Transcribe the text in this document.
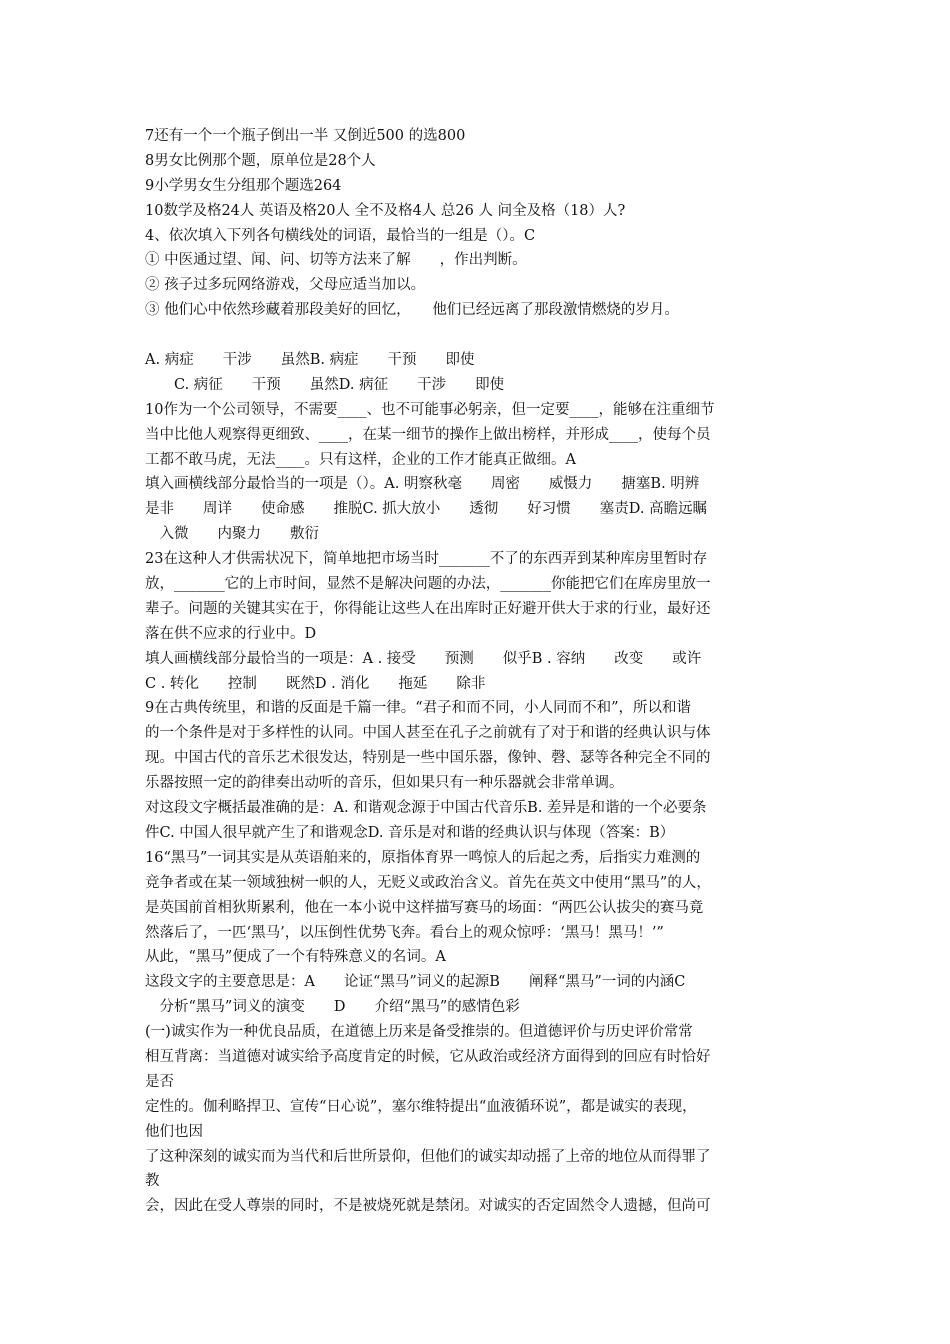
7还有一个一个瓶子倒出一半 又倒近500 的选800
8男女比例那个题，原单位是28个人
9小学男女生分组那个题选264
10数学及格24人 英语及格20人 全不及格4人 总26 人 问全及格（18）人?
4、依次填入下列各句横线处的词语，最恰当的一组是（）。C
① 中医通过望、闻、问、切等方法来了解　　，作出判断。
② 孩子过多玩网络游戏，父母应适当加以。
③ 他们心中依然珍藏着那段美好的回忆，　　他们已经远离了那段激情燃烧的岁月。
A. 病症　　干涉　　虽然B. 病症　　干预　　即使
　　C. 病征　　干预　　虽然D. 病征　　干涉　　即使
10作为一个公司领导，不需要____、也不可能事必躬亲，但一定要____，能够在注重细节
当中比他人观察得更细致、____，在某一细节的操作上做出榜样，并形成____，使每个员
工都不敢马虎，无法____。只有这样，企业的工作才能真正做细。A
填入画横线部分最恰当的一项是（）。A. 明察秋毫　　周密　　威慑力　　搪塞B. 明辨
是非　　周详　　使命感　　推脱C. 抓大放小　　透彻　　好习惯　　塞责D. 高瞻远瞩
　入微　　内聚力　　敷衍
23在这种人才供需状况下，简单地把市场当时_______不了的东西弄到某种库房里暂时存
放，_______它的上市时间，显然不是解决问题的办法，_______你能把它们在库房里放一
辈子。问题的关键其实在于，你得能让这些人在出库时正好避开供大于求的行业，最好还
落在供不应求的行业中。D
填人画横线部分最恰当的一项是：A . 接受　　预测　　似乎B . 容纳　　改变　　或许
C . 转化　　控制　　既然D . 消化　　拖延　　除非
9在古典传统里，和谐的反面是千篇一律。“君子和而不同，小人同而不和”，所以和谐
的一个条件是对于多样性的认同。中国人甚至在孔子之前就有了对于和谐的经典认识与体
现。中国古代的音乐艺术很发达，特别是一些中国乐器，像钟、磬、瑟等各种完全不同的
乐器按照一定的韵律奏出动听的音乐，但如果只有一种乐器就会非常单调。
对这段文字概括最准确的是：A. 和谐观念源于中国古代音乐B. 差异是和谐的一个必要条
件C. 中国人很早就产生了和谐观念D. 音乐是对和谐的经典认识与体现（答案：B）
16“黑马”一词其实是从英语舶来的，原指体育界一鸣惊人的后起之秀，后指实力难测的
竞争者或在某一领域独树一帜的人，无贬义或政治含义。首先在英文中使用“黑马”的人，
是英国前首相狄斯累利，他在一本小说中这样描写赛马的场面：“两匹公认拔尖的赛马竟
然落后了，一匹‘黑马’，以压倒性优势飞奔。看台上的观众惊呼：‘黑马！黑马！’”
从此，“黑马”便成了一个有特殊意义的名词。A
这段文字的主要意思是：A　　论证“黑马”词义的起源B　　阐释“黑马”一词的内涵C
　分析“黑马”词义的演变　　D　　介绍“黑马”的感情色彩
(一)诚实作为一种优良品质，在道德上历来是备受推崇的。但道德评价与历史评价常常
相互背离：当道德对诚实给予高度肯定的时候，它从政治或经济方面得到的回应有时恰好
是否
定性的。伽利略捍卫、宣传“日心说”，塞尔维特提出“血液循环说”，都是诚实的表现，
他们也因
了这种深刻的诚实而为当代和后世所景仰，但他们的诚实却动摇了上帝的地位从而得罪了
教
会，因此在受人尊崇的同时，不是被烧死就是禁闭。对诚实的否定固然令人遗撼，但尚可
